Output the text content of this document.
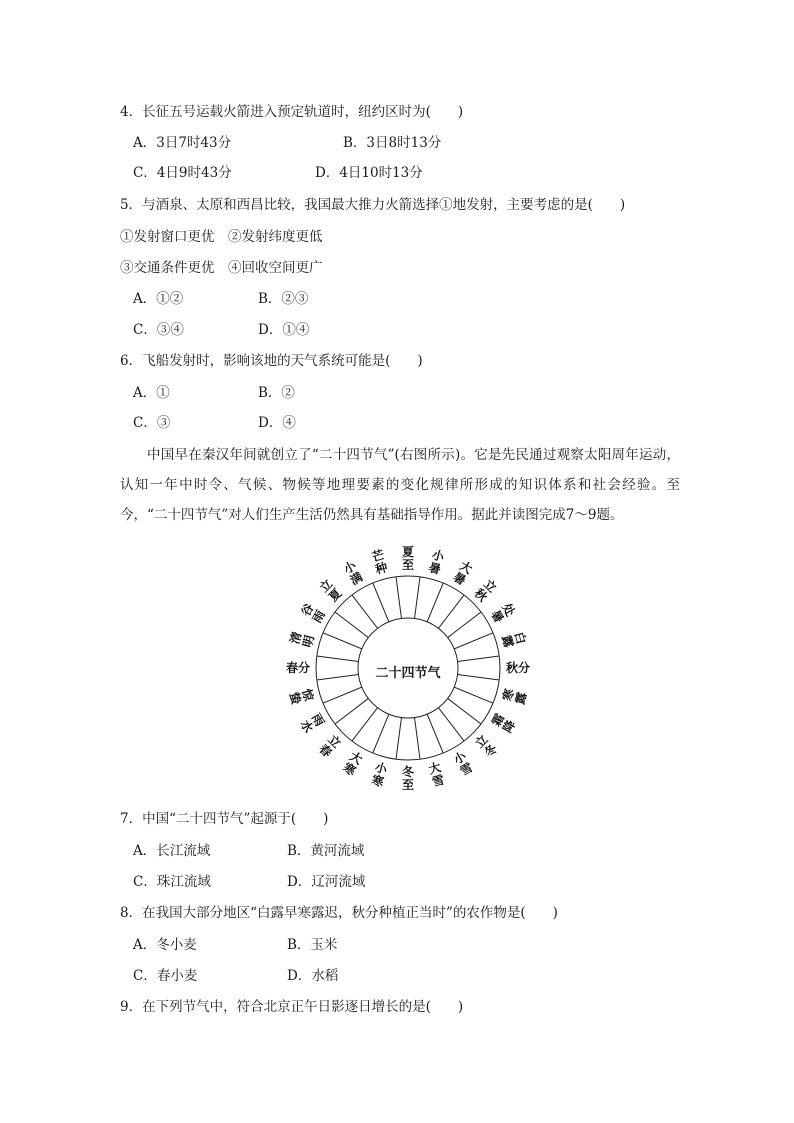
4．长征五号运载火箭进入预定轨道时，纽约区时为(　　)
A．3日7时43分	B．3日8时13分
C．4日9时43分	D．4日10时13分
5．与酒泉、太原和西昌比较，我国最大推力火箭选择①地发射，主要考虑的是(　　)
①发射窗口更优　②发射纬度更低
③交通条件更优　④回收空间更广
A．①②	B．②③
C．③④	D．①④
6．飞船发射时，影响该地的天气系统可能是(　　)
A．①	B．②
C．③	D．④
中国早在秦汉年间就创立了“二十四节气”(右图所示)。它是先民通过观察太阳周年运动，认知一年中时令、气候、物候等地理要素的变化规律所形成的知识体系和社会经验。至今，“二十四节气”对人们生产生活仍然具有基础指导作用。据此并读图完成7～9题。
夏至
小暑	大暑	立秋
处暑
白露
秋分
寒露
霜降
立冬
小雪
大雪
冬至
小寒
大寒
立春
雨水
惊蛰
春分
清明
谷雨
立夏
小满
芒种
二十四节气
7．中国“二十四节气”起源于(　　)
A．长江流域	B．黄河流域
C．珠江流域	D．辽河流域
8．在我国大部分地区“白露早寒露迟，秋分种植正当时”的农作物是(　　)
A．冬小麦	B．玉米
C．春小麦	D．水稻
9．在下列节气中，符合北京正午日影逐日增长的是(　　)
